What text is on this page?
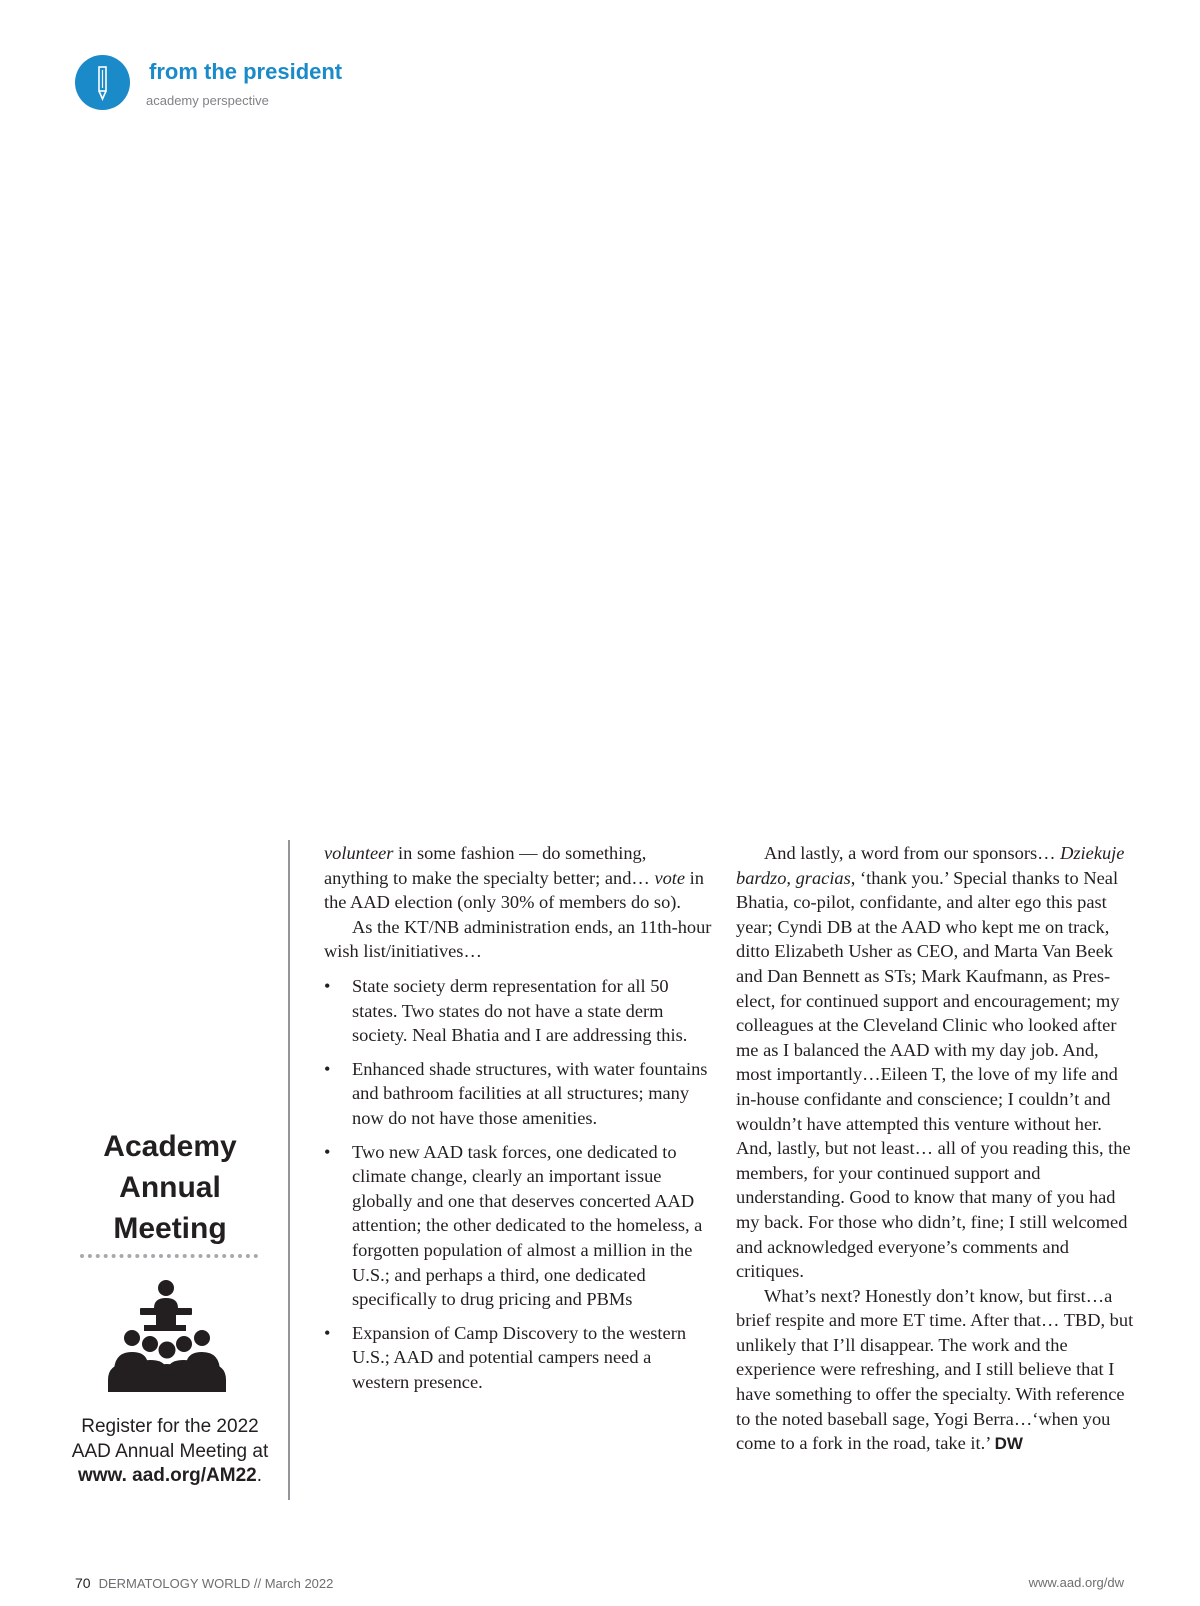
from the president
academy perspective
Academy
Annual
Meeting
Register for the 2022 AAD Annual Meeting at www. aad.org/AM22.

volunteer in some fashion — do something, anything to make the specialty better; and… vote in the AAD election (only 30% of members do so).

As the KT/NB administration ends, an 11th-hour wish list/initiatives…

• State society derm representation for all 50 states. Two states do not have a state derm society. Neal Bhatia and I are addressing this.
• Enhanced shade structures, with water fountains and bathroom facilities at all structures; many now do not have those amenities.
• Two new AAD task forces, one dedicated to climate change, clearly an important issue globally and one that deserves concerted AAD attention; the other dedicated to the homeless, a forgotten population of almost a million in the U.S.; and perhaps a third, one dedicated specifically to drug pricing and PBMs
• Expansion of Camp Discovery to the western U.S.; AAD and potential campers need a western presence.

And lastly, a word from our sponsors… Dziekuje bardzo, gracias, ‘thank you.’ Special thanks to Neal Bhatia, co-pilot, confidante, and alter ego this past year; Cyndi DB at the AAD who kept me on track, ditto Elizabeth Usher as CEO, and Marta Van Beek and Dan Bennett as STs; Mark Kaufmann, as Pres-elect, for continued support and encouragement; my colleagues at the Cleveland Clinic who looked after me as I balanced the AAD with my day job. And, most importantly…Eileen T, the love of my life and in-house confidante and conscience; I couldn’t and wouldn’t have attempted this venture without her. And, lastly, but not least… all of you reading this, the members, for your continued support and understanding. Good to know that many of you had my back. For those who didn’t, fine; I still welcomed and acknowledged everyone’s comments and critiques.

What’s next? Honestly don’t know, but first…a brief respite and more ET time. After that… TBD, but unlikely that I’ll disappear. The work and the experience were refreshing, and I still believe that I have something to offer the specialty. With reference to the noted baseball sage, Yogi Berra…‘when you come to a fork in the road, take it.’ DW

70 DERMATOLOGY WORLD // March 2022	www.aad.org/dw
